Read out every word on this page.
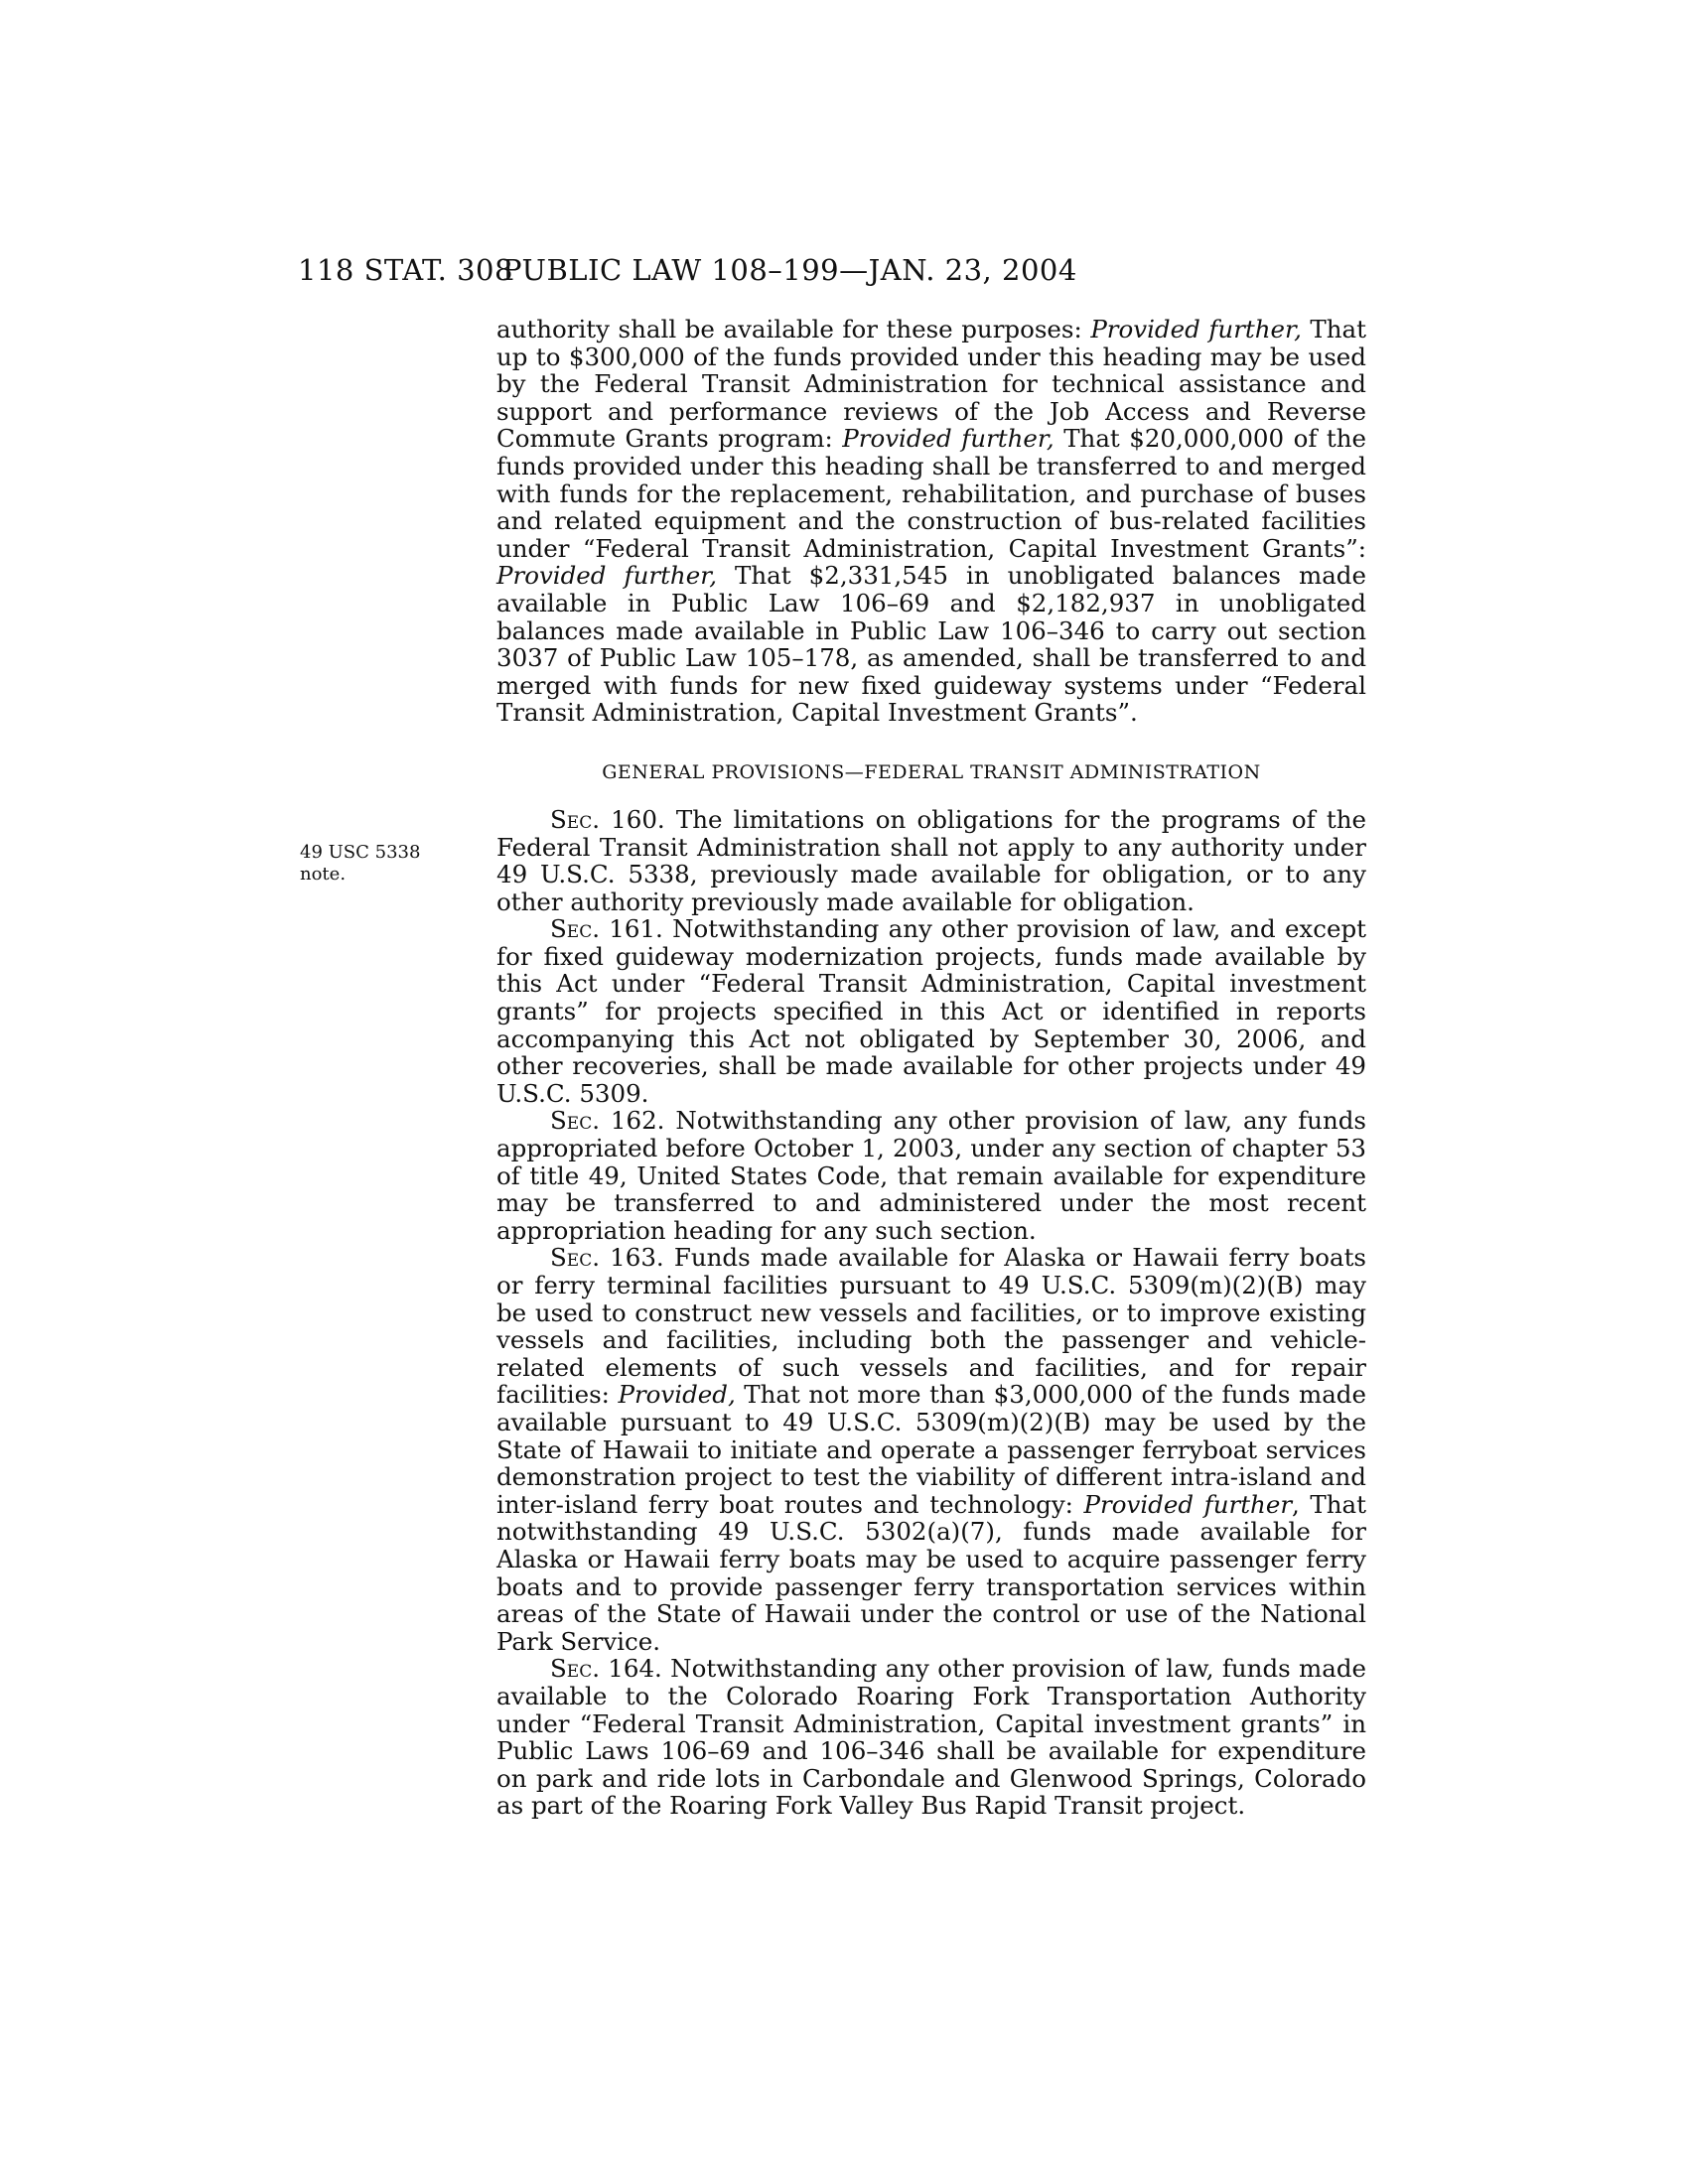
118 STAT. 308
PUBLIC LAW 108–199—JAN. 23, 2004
49 USC 5338
note.

authority shall be available for these purposes: Provided further, That up to $300,000 of the funds provided under this heading may be used by the Federal Transit Administration for technical assistance and support and performance reviews of the Job Access and Reverse Commute Grants program: Provided further, That $20,000,000 of the funds provided under this heading shall be transferred to and merged with funds for the replacement, rehabilitation, and purchase of buses and related equipment and the construction of bus-related facilities under “Federal Transit Administration, Capital Investment Grants”: Provided further, That $2,331,545 in unobligated balances made available in Public Law 106–69 and $2,182,937 in unobligated balances made available in Public Law 106–346 to carry out section 3037 of Public Law 105–178, as amended, shall be transferred to and merged with funds for new fixed guideway systems under “Federal Transit Administration, Capital Investment Grants”.

GENERAL PROVISIONS—FEDERAL TRANSIT ADMINISTRATION

Sec. 160. The limitations on obligations for the programs of the Federal Transit Administration shall not apply to any authority under 49 U.S.C. 5338, previously made available for obligation, or to any other authority previously made available for obligation.

Sec. 161. Notwithstanding any other provision of law, and except for fixed guideway modernization projects, funds made available by this Act under “Federal Transit Administration, Capital investment grants” for projects specified in this Act or identified in reports accompanying this Act not obligated by September 30, 2006, and other recoveries, shall be made available for other projects under 49 U.S.C. 5309.

Sec. 162. Notwithstanding any other provision of law, any funds appropriated before October 1, 2003, under any section of chapter 53 of title 49, United States Code, that remain available for expenditure may be transferred to and administered under the most recent appropriation heading for any such section.

Sec. 163. Funds made available for Alaska or Hawaii ferry boats or ferry terminal facilities pursuant to 49 U.S.C. 5309(m)(2)(B) may be used to construct new vessels and facilities, or to improve existing vessels and facilities, including both the passenger and vehicle-related elements of such vessels and facilities, and for repair facilities: Provided, That not more than $3,000,000 of the funds made available pursuant to 49 U.S.C. 5309(m)(2)(B) may be used by the State of Hawaii to initiate and operate a passenger ferryboat services demonstration project to test the viability of different intra-island and inter-island ferry boat routes and technology: Provided further, That notwithstanding 49 U.S.C. 5302(a)(7), funds made available for Alaska or Hawaii ferry boats may be used to acquire passenger ferry boats and to provide passenger ferry transportation services within areas of the State of Hawaii under the control or use of the National Park Service.

Sec. 164. Notwithstanding any other provision of law, funds made available to the Colorado Roaring Fork Transportation Authority under “Federal Transit Administration, Capital investment grants” in Public Laws 106–69 and 106–346 shall be available for expenditure on park and ride lots in Carbondale and Glenwood Springs, Colorado as part of the Roaring Fork Valley Bus Rapid Transit project.
